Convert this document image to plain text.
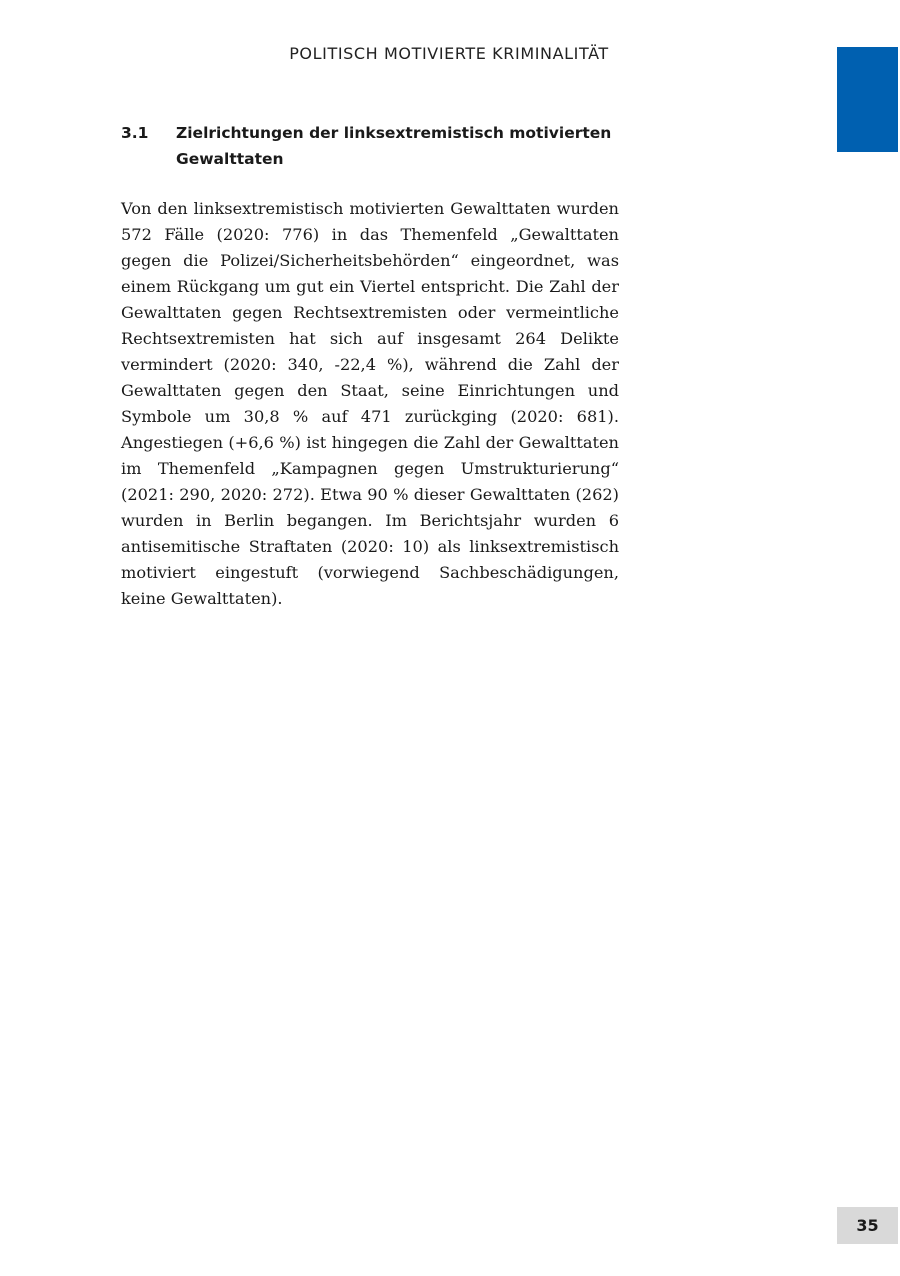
POLITISCH MOTIVIERTE KRIMINALITÄT
3.1 Zielrichtungen der linksextremistisch motivierten Gewalttaten

Von den linksextremistisch motivierten Gewalttaten wurden 572 Fälle (2020: 776) in das Themenfeld „Gewalttaten gegen die Polizei/Sicherheitsbehörden“ eingeordnet, was einem Rückgang um gut ein Viertel entspricht. Die Zahl der Gewalttaten gegen Rechtsextremisten oder vermeintliche Rechtsextremisten hat sich auf insgesamt 264 Delikte vermindert (2020: 340, -22,4 %), während die Zahl der Gewalttaten gegen den Staat, seine Einrichtungen und Symbole um 30,8 % auf 471 zurückging (2020: 681). Angestiegen (+6,6 %) ist hingegen die Zahl der Gewalttaten im Themenfeld „Kampagnen gegen Umstrukturierung“ (2021: 290, 2020: 272). Etwa 90 % dieser Gewalttaten (262) wurden in Berlin begangen. Im Berichtsjahr wurden 6 antisemitische Straftaten (2020: 10) als linksextremistisch motiviert eingestuft (vorwiegend Sachbeschädigungen, keine Gewalttaten).

35
